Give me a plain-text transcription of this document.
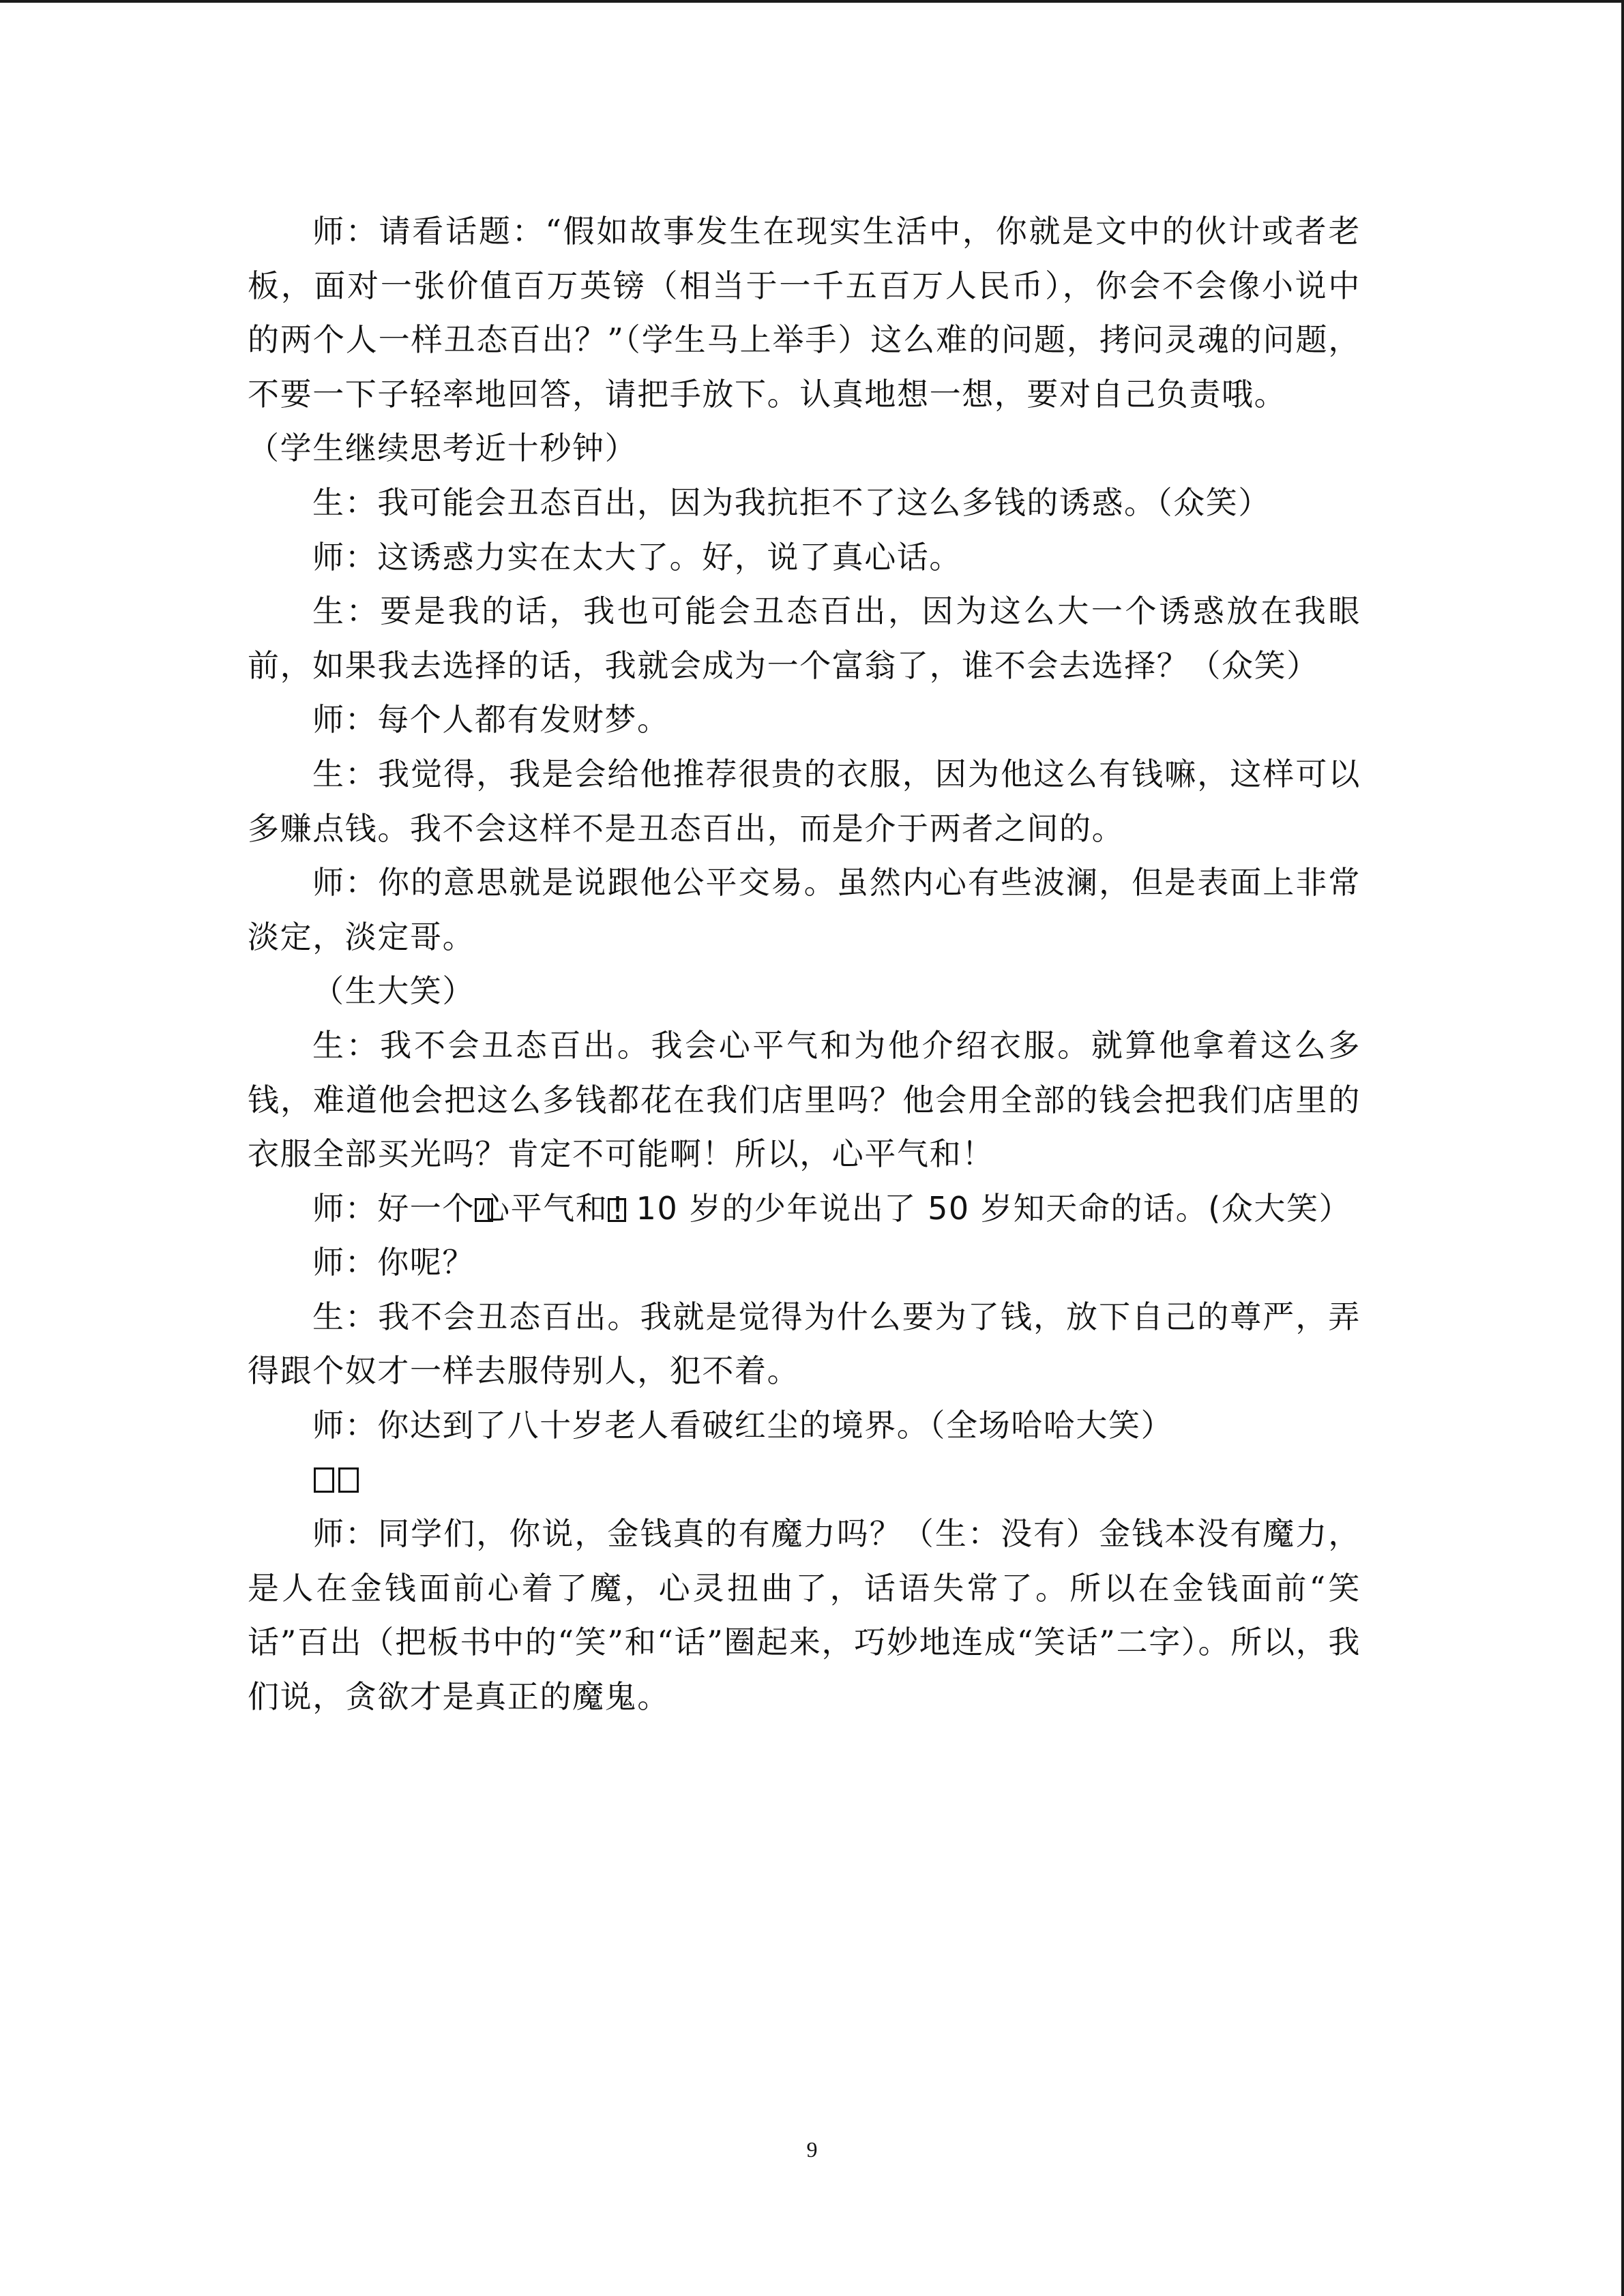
师：请看话题：“假如故事发生在现实生活中，你就是文中的伙计或者老板，面对一张价值百万英镑（相当于一千五百万人民币），你会不会像小说中的两个人一样丑态百出？”（学生马上举手）这么难的问题，拷问灵魂的问题，不要一下子轻率地回答，请把手放下。认真地想一想，要对自己负责哦。

（学生继续思考近十秒钟）

生：我可能会丑态百出，因为我抗拒不了这么多钱的诱惑。（众笑）

师：这诱惑力实在太大了。好，说了真心话。

生：要是我的话，我也可能会丑态百出，因为这么大一个诱惑放在我眼前，如果我去选择的话，我就会成为一个富翁了，谁不会去选择？（众笑）

师：每个人都有发财梦。

生：我觉得，我是会给他推荐很贵的衣服，因为他这么有钱嘛，这样可以多赚点钱。我不会这样不是丑态百出，而是介于两者之间的。

师：你的意思就是说跟他公平交易。虽然内心有些波澜，但是表面上非常淡定，淡定哥。

（生大笑）

生：我不会丑态百出。我会心平气和为他介绍衣服。就算他拿着这么多钱，难道他会把这么多钱都花在我们店里吗？他会用全部的钱会把我们店里的衣服全部买光吗？肯定不可能啊！所以，心平气和！

师：好一个 心平气和 ! 10 岁的少年说出了 50 岁知天命的话。(众大笑）

师：你呢？

生：我不会丑态百出。我就是觉得为什么要为了钱，放下自己的尊严，弄得跟个奴才一样去服侍别人，犯不着。

师：你达到了八十岁老人看破红尘的境界。（全场哈哈大笑）

师：同学们，你说，金钱真的有魔力吗？（生：没有）金钱本没有魔力，是人在金钱面前心着了魔，心灵扭曲了，话语失常了。所以在金钱面前“笑话”百出（把板书中的“笑”和“话”圈起来，巧妙地连成“笑话”二字）。所以，我们说，贪欲才是真正的魔鬼。

9
